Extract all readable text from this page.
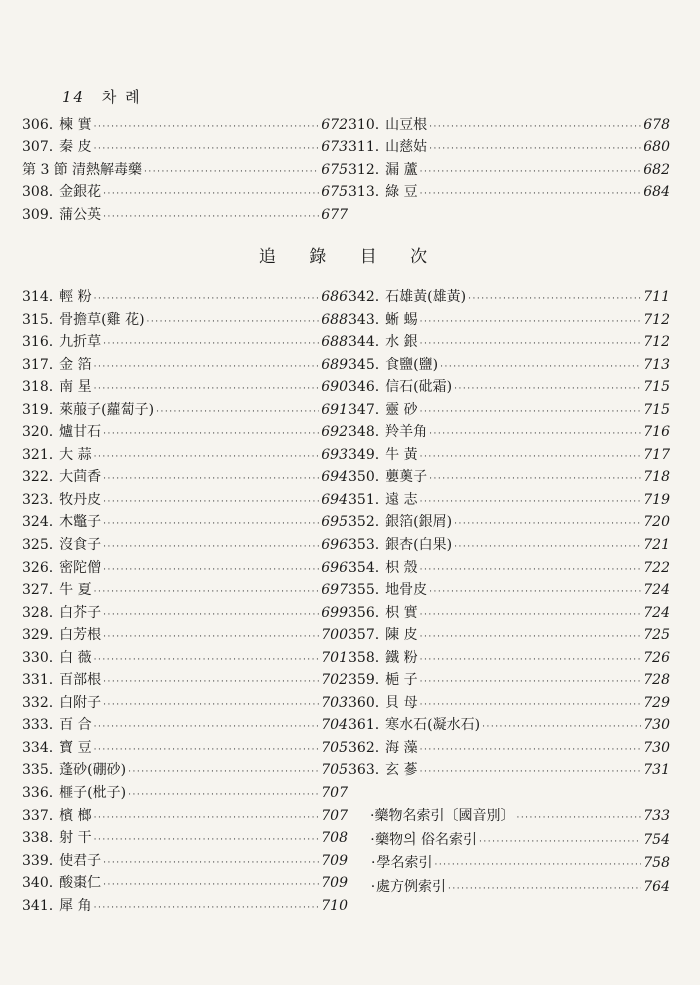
14 차 례
306. 楝 實 ·····	672
307. 秦 皮 ·····	673
第 3 節 清熱解毒藥 ·····	675
308. 金銀花 ·····	675
309. 蒲公英 ·····	677
310. 山豆根 ·····	678
311. 山慈姑 ·····	680
312. 漏 蘆 ·····	682
313. 綠 豆 ·····	684
追 錄 目 次
314. 輕 粉 ·····	686
315. 骨擔草(雞 花) ·····	688
316. 九折草 ·····	688
317. 金 箔 ·····	689
318. 南 星 ·····	690
319. 萊菔子(蘿蔔子) ·····	691
320. 爐甘石 ·····	692
321. 大 蒜 ·····	693
322. 大茴香 ·····	694
323. 牧丹皮 ·····	694
324. 木鼈子 ·····	695
325. 沒食子 ·····	696
326. 密陀僧 ·····	696
327. 牛 夏 ·····	697
328. 白芥子 ·····	699
329. 白芳根 ·····	700
330. 白 薇 ·····	701
331. 百部根 ·····	702
332. 白附子 ·····	703
333. 百 合 ·····	704
334. 寶 豆 ·····	705
335. 蓬砂(硼砂) ·····	705
336. 榧子(枇子) ·····	707
337. 檳 榔 ·····	707
338. 射 干 ·····	708
339. 使君子 ·····	709
340. 酸棗仁 ·····	709
341. 犀 角 ·····	710
342. 石雄黃(雄黃) ·····	711
343. 蜥 蜴 ·····	712
344. 水 銀 ·····	712
345. 食鹽(鹽) ·····	713
346. 信石(砒霜) ·····	715
347. 靈 砂 ·····	715
348. 羚羊角 ·····	716
349. 牛 黃 ·····	717
350. 蘡薁子 ·····	718
351. 遠 志 ·····	719
352. 銀箔(銀屑) ·····	720
353. 銀杏(白果) ·····	721
354. 枳 殼 ·····	722
355. 地骨皮 ·····	724
356. 枳 實 ·····	724
357. 陳 皮 ·····	725
358. 鐵 粉 ·····	726
359. 梔 子 ·····	728
360. 貝 母 ·····	729
361. 寒水石(凝水石) ·····	730
362. 海 藻 ·····	730
363. 玄 蔘 ·····	731
· 藥物名索引〔國音別〕 ·····	733
· 藥物의 俗名索引 ·····	754
· 學名索引 ·····	758
· 處方例索引 ·····	764
